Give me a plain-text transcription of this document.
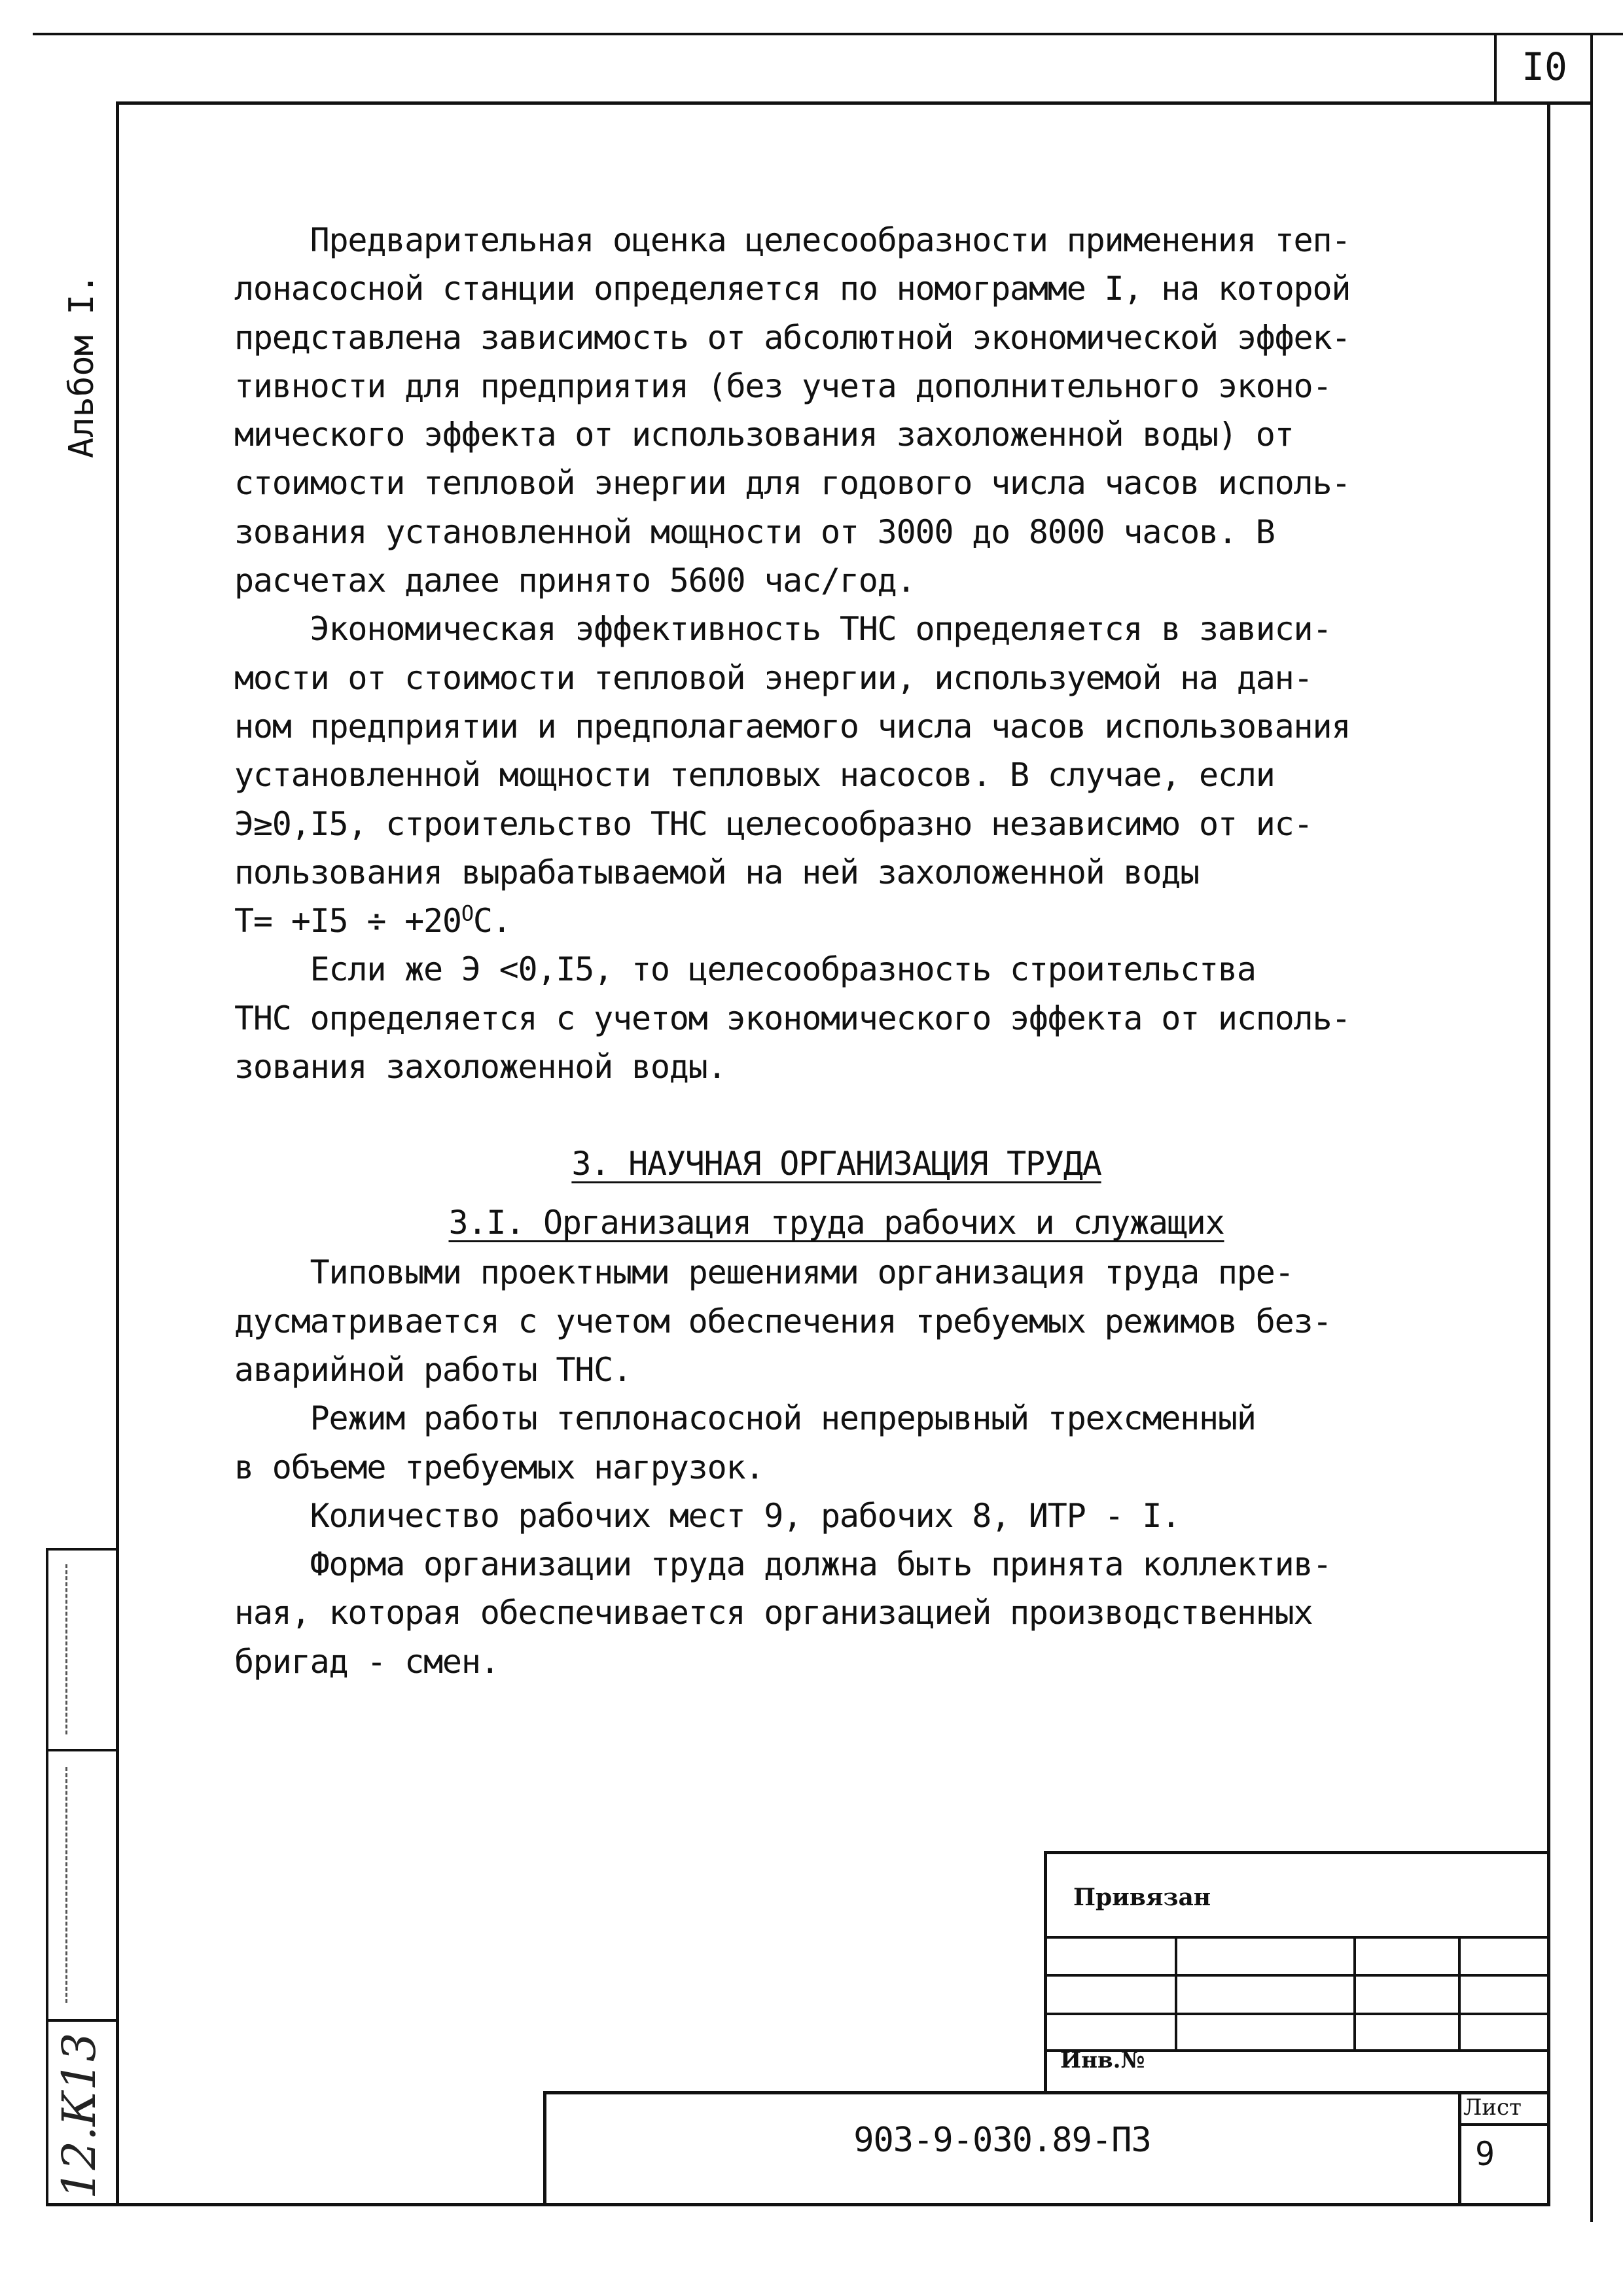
I0
Альбом I.
12.К13

Предварительная оценка целесообразности применения теп-

лонасосной станции определяется по номограмме I, на которой

представлена зависимость от абсолютной экономической эффек-

тивности для предприятия (без учета дополнительного эконо-

мического эффекта от использования захоложенной воды) от

стоимости тепловой энергии для годового числа часов исполь-

зования установленной мощности от 3000 до 8000 часов. В

расчетах далее принято 5600 час/год.

Экономическая эффективность ТНС определяется в зависи-

мости от стоимости тепловой энергии, используемой на дан-

ном предприятии и предполагаемого числа часов использования

установленной мощности тепловых насосов. В случае, если

Э≥0,I5, строительство ТНС целесообразно независимо от ис-

пользования вырабатываемой на ней захоложенной воды

$T= +I5 \div +20^OC$.

Если же Э <0,I5, то целесообразность строительства

ТНС определяется с учетом экономического эффекта от исполь-

зования захоложенной воды.

3. НАУЧНАЯ ОРГАНИЗАЦИЯ ТРУДА

3.I. Организация труда рабочих и служащих

Типовыми проектными решениями организация труда пре-

дусматривается с учетом обеспечения требуемых режимов без-

аварийной работы ТНС.

Режим работы теплонасосной непрерывный трехсменный

в объеме требуемых нагрузок.

Количество рабочих мест 9, рабочих 8, ИТР - I.

Форма организации труда должна быть принята коллектив-

ная, которая обеспечивается организацией производственных

бригад - смен.

Привязан
Инв.№
903-9-030.89-ПЗ
Лист
9
